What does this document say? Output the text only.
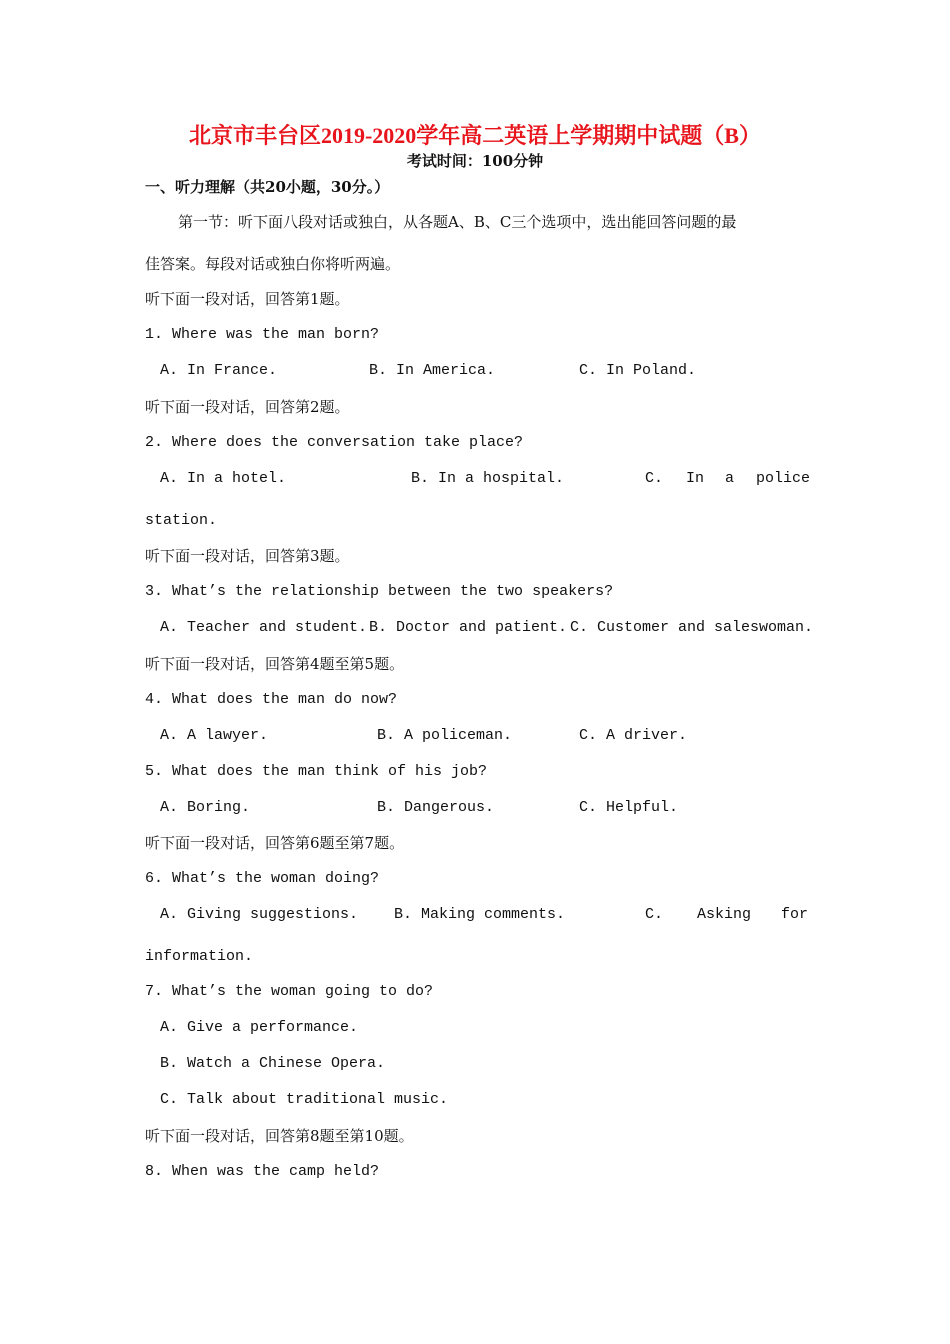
北京市丰台区2019-2020学年高二英语上学期期中试题（B）
考试时间：100分钟
一、听力理解（共20小题，30分。）
第一节：听下面八段对话或独白，从各题A、B、C三个选项中，选出能回答问题的最
佳答案。每段对话或独白你将听两遍。
听下面一段对话，回答第1题。
1. Where was the man born?
A. In France.	B. In America.	C. In Poland.
听下面一段对话，回答第2题。
2. Where does the conversation take place?
A. In a hotel.	B. In a hospital.	C. In a police
station.
听下面一段对话，回答第3题。
3. What’s the relationship between the two speakers?
A. Teacher and student. B. Doctor and patient. C. Customer and saleswoman.
听下面一段对话，回答第4题至第5题。
4. What does the man do now?
A. A lawyer.	B. A policeman.	C. A driver.
5. What does the man think of his job?
A. Boring.	B. Dangerous.	C. Helpful.
听下面一段对话，回答第6题至第7题。
6. What’s the woman doing?
A. Giving suggestions. B. Making comments.	C. Asking for
information.
7. What’s the woman going to do?
A. Give a performance.
B. Watch a Chinese Opera.
C. Talk about traditional music.
听下面一段对话，回答第8题至第10题。
8. When was the camp held?
